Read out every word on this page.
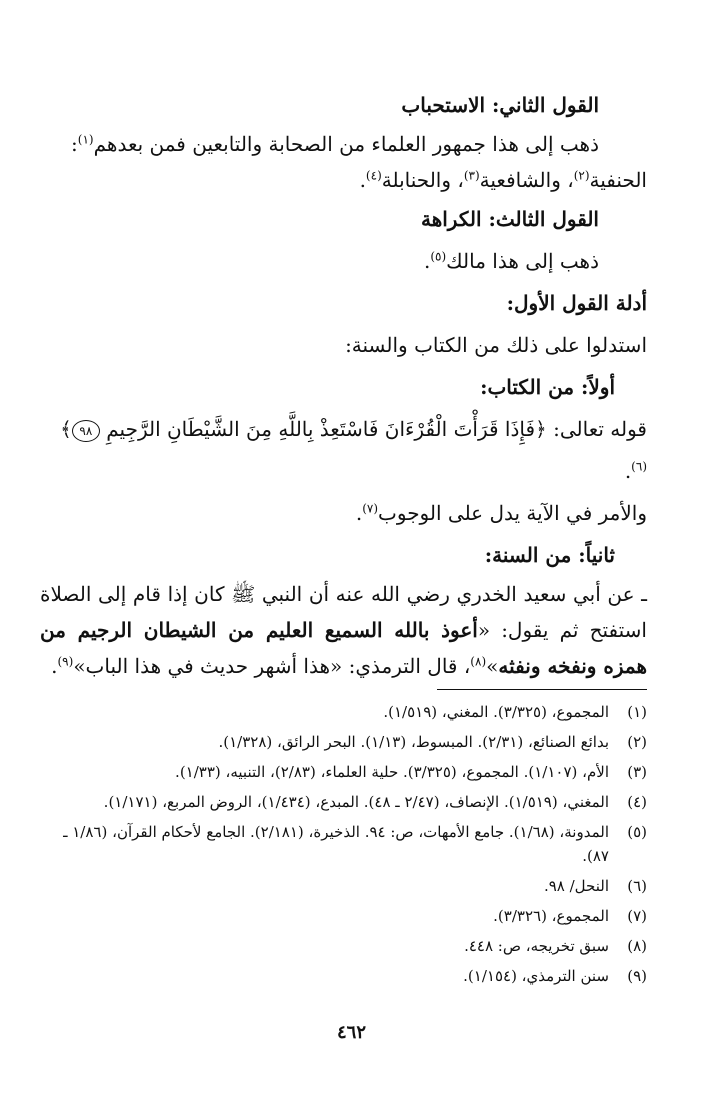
القول الثاني: الاستحباب

ذهب إلى هذا جمهور العلماء من الصحابة والتابعين فمن بعدهم$^{(١)}$:

الحنفية$^{(٢)}$، والشافعية$^{(٣)}$، والحنابلة$^{(٤)}$.

القول الثالث: الكراهة

ذهب إلى هذا مالك$^{(٥)}$.

أدلة القول الأول:

استدلوا على ذلك من الكتاب والسنة:

أولاً: من الكتاب:

قوله تعالى: ﴿فَإِذَا قَرَأْتَ الْقُرْءَانَ فَاسْتَعِذْ بِاللَّهِ مِنَ الشَّيْطَانِ الرَّجِيمِ ٩٨﴾$^{(٦)}$.

والأمر في الآية يدل على الوجوب$^{(٧)}$.

ثانياً: من السنة:

ـ عن أبي سعيد الخدري رضي الله عنه أن النبي ﷺ كان إذا قام إلى الصلاة استفتح ثم يقول: «أعوذ بالله السميع العليم من الشيطان الرجيم من همزه ونفخه ونفثه»$^{(٨)}$، قال الترمذي: «هذا أشهر حديث في هذا الباب»$^{(٩)}$.

(١)
المجموع، (٣/٣٢٥). المغني، (١/٥١٩).
(٢)
بدائع الصنائع، (٢/٣١). المبسوط، (١/١٣). البحر الرائق، (١/٣٢٨).
(٣)
الأم، (١/١٠٧). المجموع، (٣/٣٢٥). حلية العلماء، (٢/٨٣)، التنبيه، (١/٣٣).
(٤)
المغني، (١/٥١٩). الإنصاف، (٢/٤٧ ـ ٤٨). المبدع، (١/٤٣٤)، الروض المربع، (١/١٧١).
(٥)
المدونة، (١/٦٨). جامع الأمهات، ص: ٩٤. الذخيرة، (٢/١٨١). الجامع لأحكام القرآن، (١/٨٦ ـ ٨٧).
(٦)
النحل/ ٩٨.
(٧)
المجموع، (٣/٣٢٦).
(٨)
سبق تخريجه، ص: ٤٤٨.
(٩)
سنن الترمذي، (١/١٥٤).
٤٦٢
